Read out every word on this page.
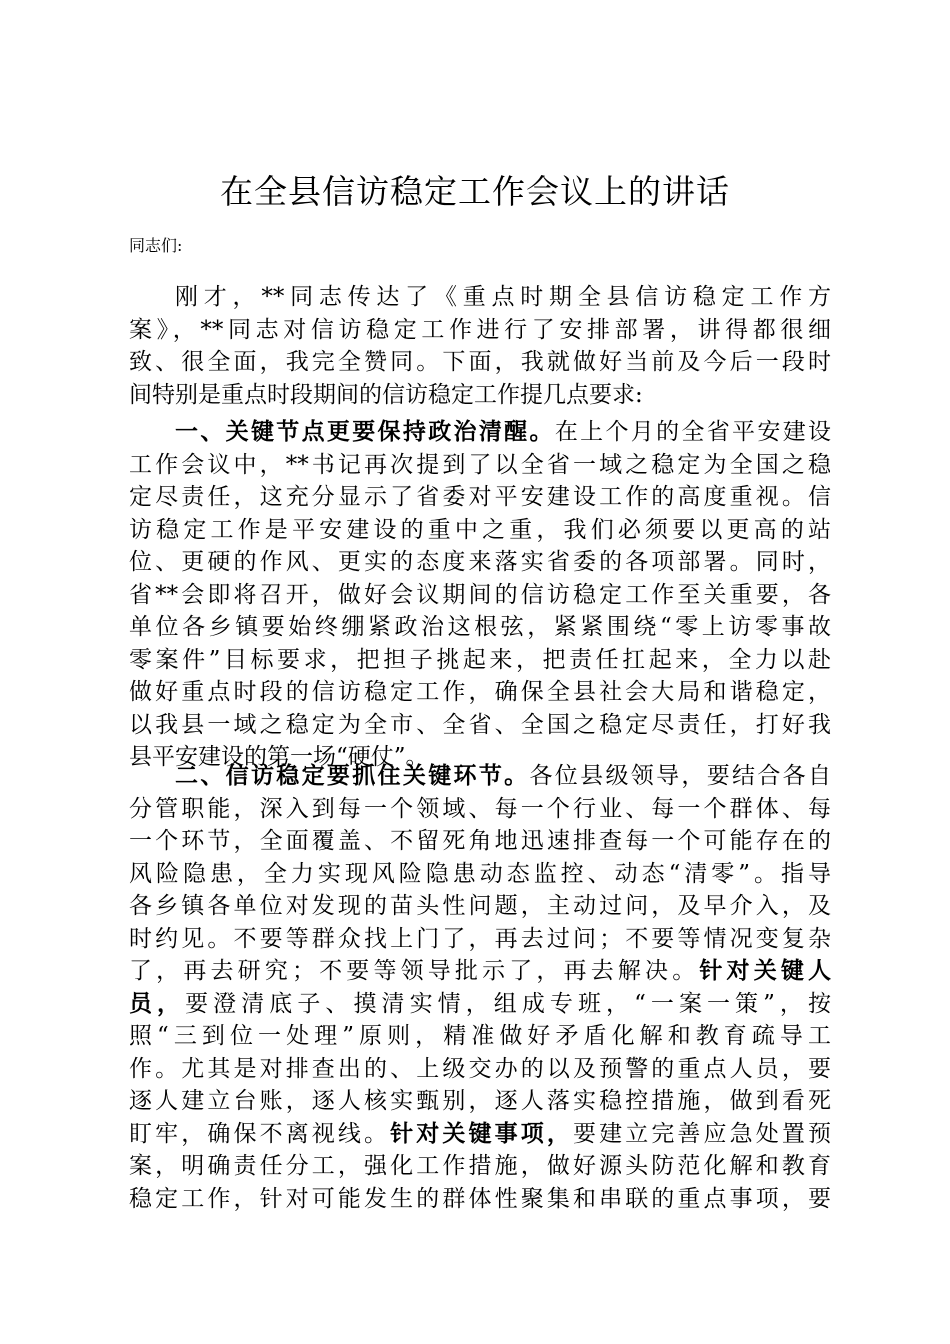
在全县信访稳定工作会议上的讲话
同志们:
刚才，**同志传达了《重点时期全县信访稳定工作方
案》，**同志对信访稳定工作进行了安排部署，讲得都很细
致、很全面，我完全赞同。下面，我就做好当前及今后一段时
间特别是重点时段期间的信访稳定工作提几点要求:
一、关键节点更要保持政治清醒。在上个月的全省平安建设
工作会议中，**书记再次提到了以全省一域之稳定为全国之稳
定尽责任，这充分显示了省委对平安建设工作的高度重视。信
访稳定工作是平安建设的重中之重，我们必须要以更高的站
位、更硬的作风、更实的态度来落实省委的各项部署。同时，
省**会即将召开，做好会议期间的信访稳定工作至关重要，各
单位各乡镇要始终绷紧政治这根弦，紧紧围绕“零上访零事故
零案件”目标要求，把担子挑起来，把责任扛起来，全力以赴
做好重点时段的信访稳定工作，确保全县社会大局和谐稳定，
以我县一域之稳定为全市、全省、全国之稳定尽责任，打好我
县平安建设的第一场“硬仗”。
二、信访稳定要抓住关键环节。各位县级领导，要结合各自
分管职能，深入到每一个领域、每一个行业、每一个群体、每
一个环节，全面覆盖、不留死角地迅速排查每一个可能存在的
风险隐患，全力实现风险隐患动态监控、动态“清零”。指导
各乡镇各单位对发现的苗头性问题，主动过问，及早介入，及
时约见。不要等群众找上门了，再去过问；不要等情况变复杂
了，再去研究；不要等领导批示了，再去解决。针对关键人
员，要澄清底子、摸清实情，组成专班，“一案一策”，按
照“三到位一处理”原则，精准做好矛盾化解和教育疏导工
作。尤其是对排查出的、上级交办的以及预警的重点人员，要
逐人建立台账，逐人核实甄别，逐人落实稳控措施，做到看死
盯牢，确保不离视线。针对关键事项，要建立完善应急处置预
案，明确责任分工，强化工作措施，做好源头防范化解和教育
稳定工作，针对可能发生的群体性聚集和串联的重点事项，要
